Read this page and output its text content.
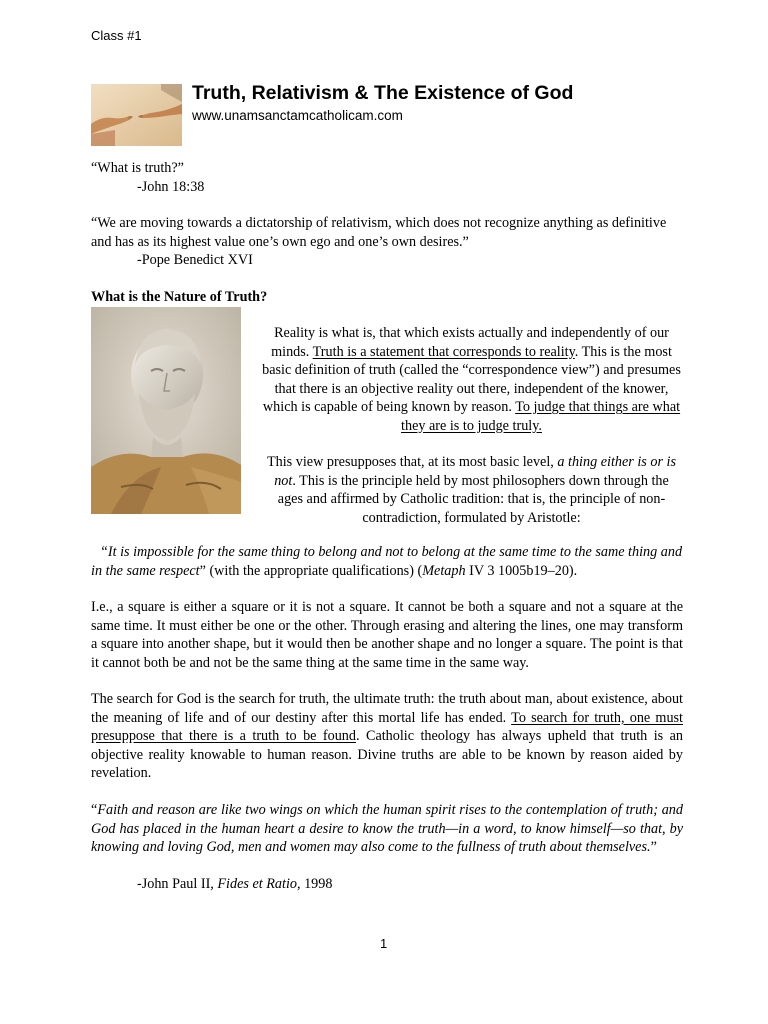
Class #1
Truth, Relativism & The Existence of God
www.unamsanctamcatholicam.com
“What is truth?”
-John 18:38
“We are moving towards a dictatorship of relativism, which does not recognize anything as definitive and has as its highest value one’s own ego and one’s own desires.”
-Pope Benedict XVI
What is the Nature of Truth?
Reality is what is, that which exists actually and independently of our minds. Truth is a statement that corresponds to reality. This is the most basic definition of truth (called the “correspondence view”) and presumes that there is an objective reality out there, independent of the knower, which is capable of being known by reason. To judge that things are what they are is to judge truly.
This view presupposes that, at its most basic level, a thing either is or is not. This is the principle held by most philosophers down through the ages and affirmed by Catholic tradition: that is, the principle of non-contradiction, formulated by Aristotle:
“It is impossible for the same thing to belong and not to belong at the same time to the same thing and in the same respect” (with the appropriate qualifications) (Metaph IV 3 1005b19–20).
I.e., a square is either a square or it is not a square. It cannot be both a square and not a square at the same time. It must either be one or the other. Through erasing and altering the lines, one may transform a square into another shape, but it would then be another shape and no longer a square. The point is that it cannot both be and not be the same thing at the same time in the same way.
The search for God is the search for truth, the ultimate truth: the truth about man, about existence, about the meaning of life and of our destiny after this mortal life has ended. To search for truth, one must presuppose that there is a truth to be found. Catholic theology has always upheld that truth is an objective reality knowable to human reason. Divine truths are able to be known by reason aided by revelation.
“Faith and reason are like two wings on which the human spirit rises to the contemplation of truth; and God has placed in the human heart a desire to know the truth—in a word, to know himself—so that, by knowing and loving God, men and women may also come to the fullness of truth about themselves.”
-John Paul II, Fides et Ratio, 1998
1
